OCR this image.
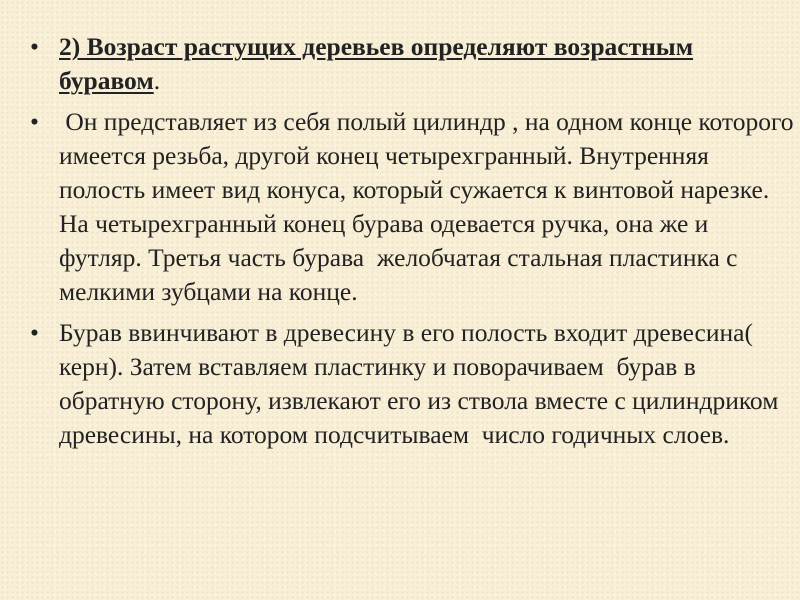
• 2) Возраст растущих деревьев определяют возрастным буравом.
• Он представляет из себя полый цилиндр , на одном конце которого имеется резьба, другой конец четырехгранный. Внутренняя полость имеет вид конуса, который сужается к винтовой нарезке. На четырехгранный конец бурава одевается ручка, она же и футляр. Третья часть бурава  желобчатая стальная пластинка с мелкими зубцами на конце.
• Бурав ввинчивают в древесину в его полость входит древесина( керн). Затем вставляем пластинку и поворачиваем  бурав в обратную сторону, извлекают его из ствола вместе с цилиндриком древесины, на котором подсчитываем  число годичных слоев.
